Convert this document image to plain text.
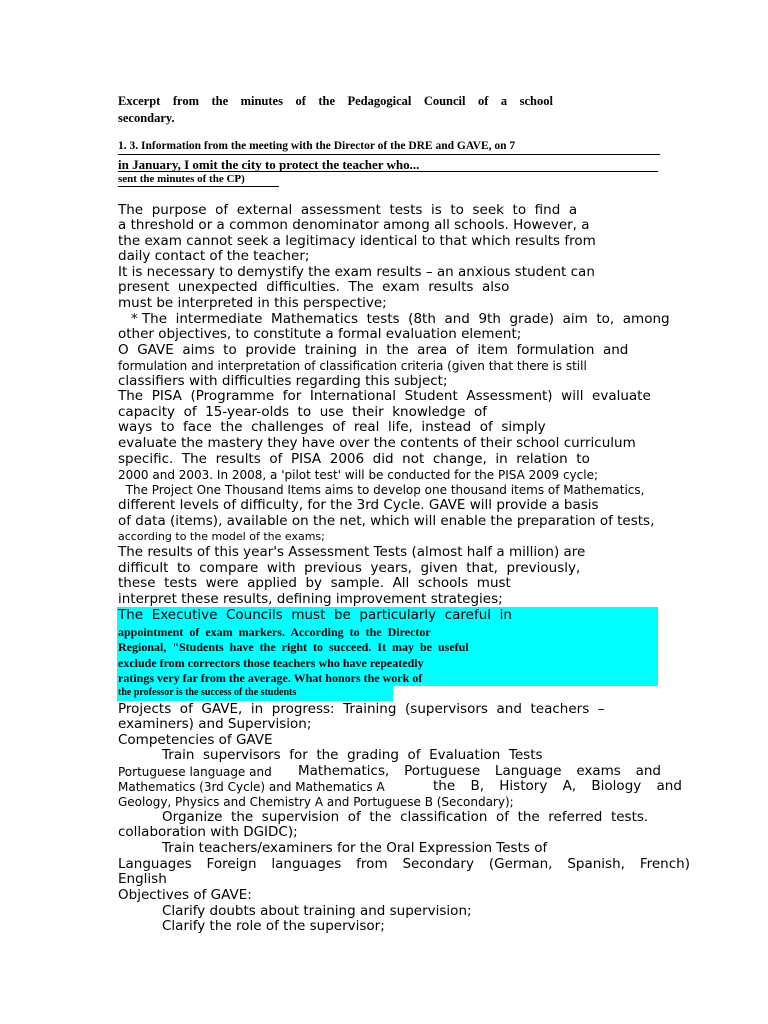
Excerpt from the minutes of the Pedagogical Council of a school
secondary.
1. 3. Information from the meeting with the Director of the DRE and GAVE, on 7
in January, I omit the city to protect the teacher who...
sent the minutes of the CP)
The  purpose  of  external  assessment  tests  is  to  seek  to  find  a
a threshold or a common denominator among all schools. However, a
the exam cannot seek a legitimacy identical to that which results from
daily contact of the teacher;
It is necessary to demystify the exam results – an anxious student can
present  unexpected  difficulties.  The  exam  results  also
must be interpreted in this perspective;
* The  intermediate  Mathematics  tests  (8th  and  9th  grade)  aim  to,  among
other objectives, to constitute a formal evaluation element;
O  GAVE  aims  to  provide  training  in  the  area  of  item  formulation  and
formulation and interpretation of classification criteria (given that there is still
classifiers with difficulties regarding this subject;
The  PISA  (Programme  for  International  Student  Assessment)  will  evaluate
capacity  of  15-year-olds  to  use  their  knowledge  of
ways  to  face  the  challenges  of  real  life,  instead  of  simply
evaluate the mastery they have over the contents of their school curriculum
specific.  The  results  of  PISA  2006  did  not  change,  in  relation  to
2000 and 2003. In 2008, a 'pilot test' will be conducted for the PISA 2009 cycle;
The Project One Thousand Items aims to develop one thousand items of Mathematics,
different levels of difficulty, for the 3rd Cycle. GAVE will provide a basis
of data (items), available on the net, which will enable the preparation of tests,
according to the model of the exams;
The results of this year's Assessment Tests (almost half a million) are
difficult  to  compare  with  previous  years,  given  that,  previously,
these  tests  were  applied  by  sample.  All  schools  must
interpret these results, defining improvement strategies;
The  Executive  Councils  must  be  particularly  careful  in
appointment  of  exam  markers.  According  to  the  Director
Regional,  "Students  have  the  right  to  succeed.  It  may  be  useful
exclude from correctors those teachers who have repeatedly
ratings very far from the average. What honors the work of
the professor is the success of the students
Projects  of  GAVE,  in  progress:  Training  (supervisors  and  teachers  –
examiners) and Supervision;
Competencies of GAVE
Train  supervisors  for  the  grading  of  Evaluation  Tests
Portuguese language and Mathematics, Portuguese Language exams and
Mathematics (3rd Cycle) and Mathematics A	the B, History A, Biology and
Geology, Physics and Chemistry A and Portuguese B (Secondary);
Organize  the  supervision  of  the  classification  of  the  referred  tests.
collaboration with DGIDC);
Train teachers/examiners for the Oral Expression Tests of
Languages Foreign languages from Secondary (German, Spanish, French)
English
Objectives of GAVE:
Clarify doubts about training and supervision;
Clarify the role of the supervisor;
